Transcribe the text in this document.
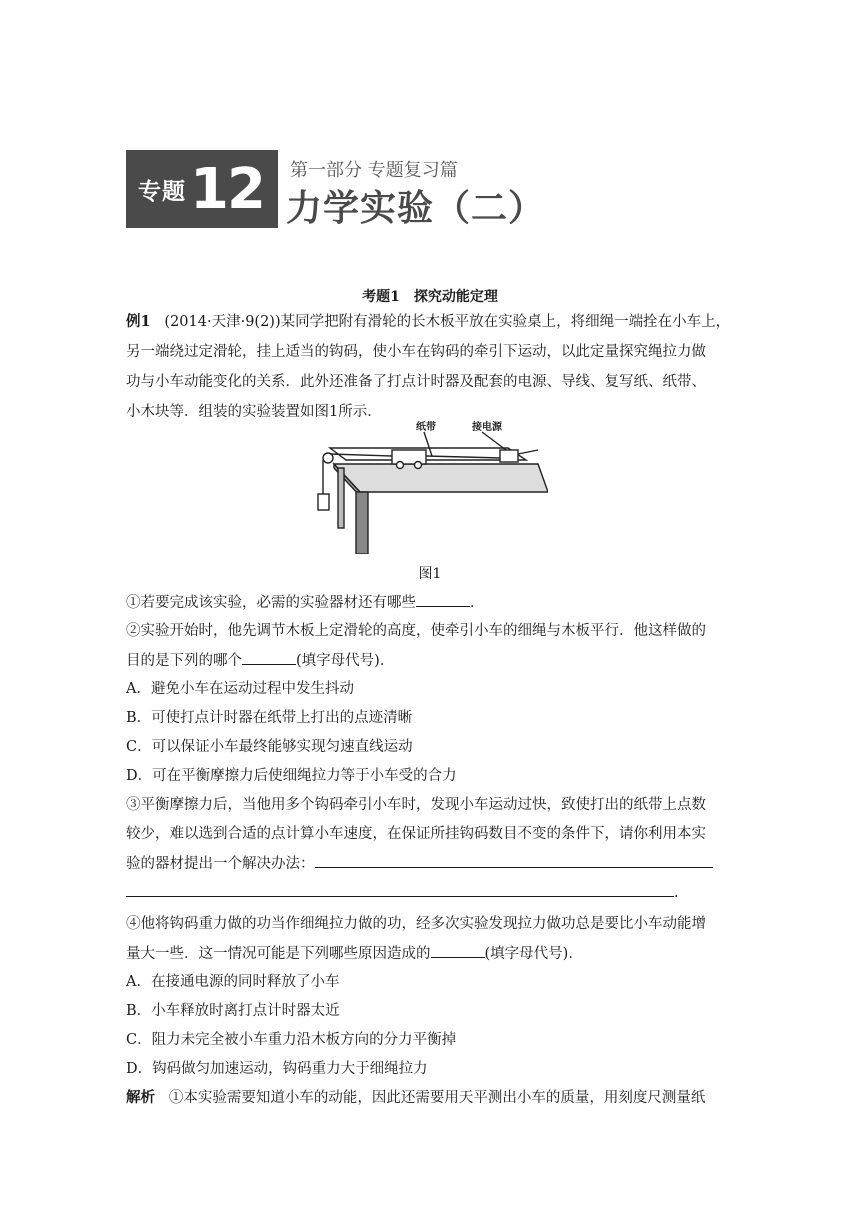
专题 12 第一部分 专题复习篇
力学实验（二）
考题1　探究动能定理
例1 (2014·天津·9(2))某同学把附有滑轮的长木板平放在实验桌上，将细绳一端拴在小车上，
另一端绕过定滑轮，挂上适当的钩码，使小车在钩码的牵引下运动，以此定量探究绳拉力做
功与小车动能变化的关系．此外还准备了打点计时器及配套的电源、导线、复写纸、纸带、
小木块等．组装的实验装置如图1所示．
纸带	接电源
图1
①若要完成该实验，必需的实验器材还有哪些	．
②实验开始时，他先调节木板上定滑轮的高度，使牵引小车的细绳与木板平行．他这样做的
目的是下列的哪个	(填字母代号)．
A．避免小车在运动过程中发生抖动
B．可使打点计时器在纸带上打出的点迹清晰
C．可以保证小车最终能够实现匀速直线运动
D．可在平衡摩擦力后使细绳拉力等于小车受的合力
③平衡摩擦力后，当他用多个钩码牵引小车时，发现小车运动过快，致使打出的纸带上点数
较少，难以选到合适的点计算小车速度，在保证所挂钩码数目不变的条件下，请你利用本实
验的器材提出一个解决办法：
.
④他将钩码重力做的功当作细绳拉力做的功，经多次实验发现拉力做功总是要比小车动能增
量大一些．这一情况可能是下列哪些原因造成的	(填字母代号)．
A．在接通电源的同时释放了小车
B．小车释放时离打点计时器太近
C．阻力未完全被小车重力沿木板方向的分力平衡掉
D．钩码做匀加速运动，钩码重力大于细绳拉力
解析 ①本实验需要知道小车的动能，因此还需要用天平测出小车的质量，用刻度尺测量纸
